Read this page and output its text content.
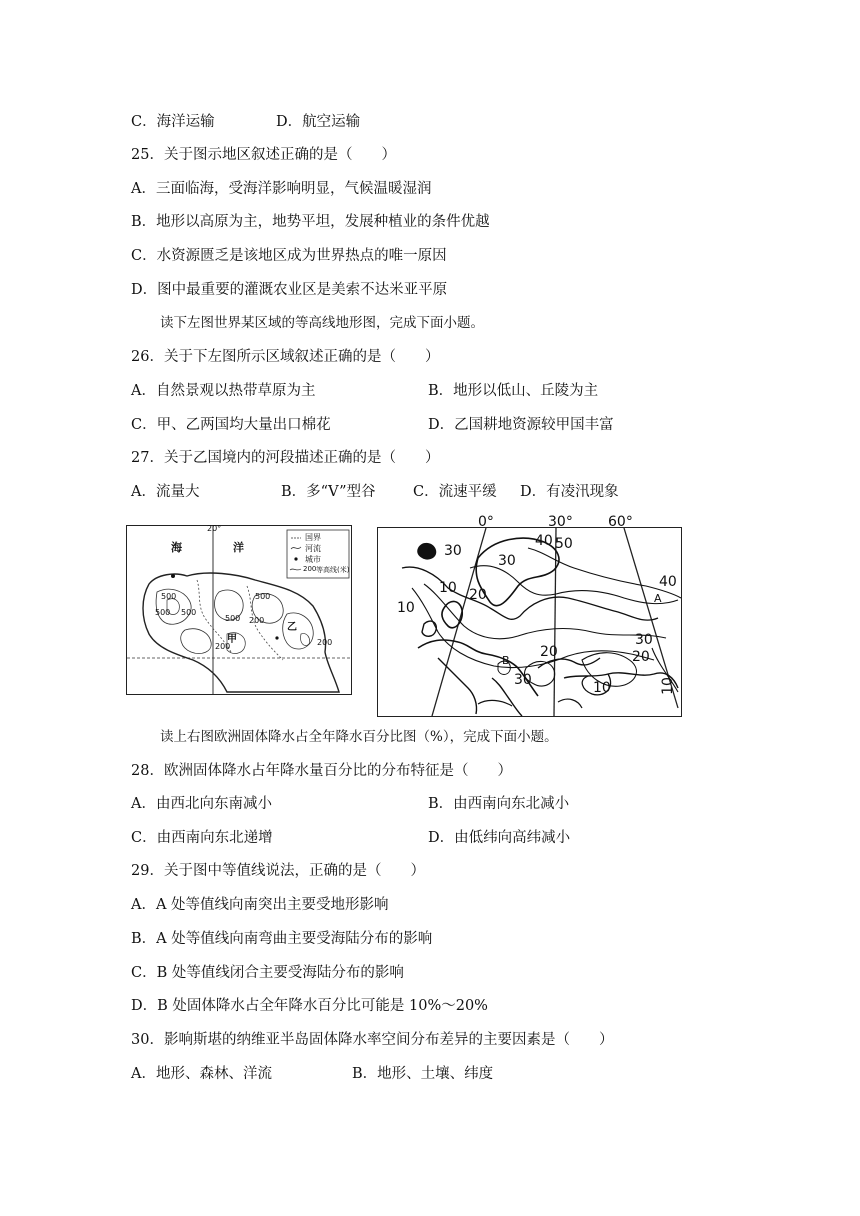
C．海洋运输	D．航空运输
25．关于图示地区叙述正确的是（　　）
A．三面临海，受海洋影响明显，气候温暖湿润
B．地形以高原为主，地势平坦，发展种植业的条件优越
C．水资源匮乏是该地区成为世界热点的唯一原因
D．图中最重要的灌溉农业区是美索不达米亚平原
读下左图世界某区域的等高线地形图，完成下面小题。
26．关于下左图所示区域叙述正确的是（　　）
A．自然景观以热带草原为主	B．地形以低山、丘陵为主
C．甲、乙两国均大量出口棉花	D．乙国耕地资源较甲国丰富
27．关于乙国境内的河段描述正确的是（　　）
A．流量大	B．多“V”型谷	C．流速平缓 D．有凌汛现象
海	洋
20°
甲
乙
500
500 500
500
200
200
500
200
国界
河流
城市
200 等高线(米)
0°	30°	60°
30
30
40 50
10 20
10
40
30
30
20
10
20
10
A
B
读上右图欧洲固体降水占全年降水百分比图（%），完成下面小题。
28．欧洲固体降水占年降水量百分比的分布特征是（　　）
A．由西北向东南减小	B．由西南向东北减小
C．由西南向东北递增	D．由低纬向高纬减小
29．关于图中等值线说法，正确的是（　　）
A．A 处等值线向南突出主要受地形影响
B．A 处等值线向南弯曲主要受海陆分布的影响
C．B 处等值线闭合主要受海陆分布的影响
D．B 处固体降水占全年降水百分比可能是 10%～20%
30．影响斯堪的纳维亚半岛固体降水率空间分布差异的主要因素是（　　）
A．地形、森林、洋流	B．地形、土壤、纬度
